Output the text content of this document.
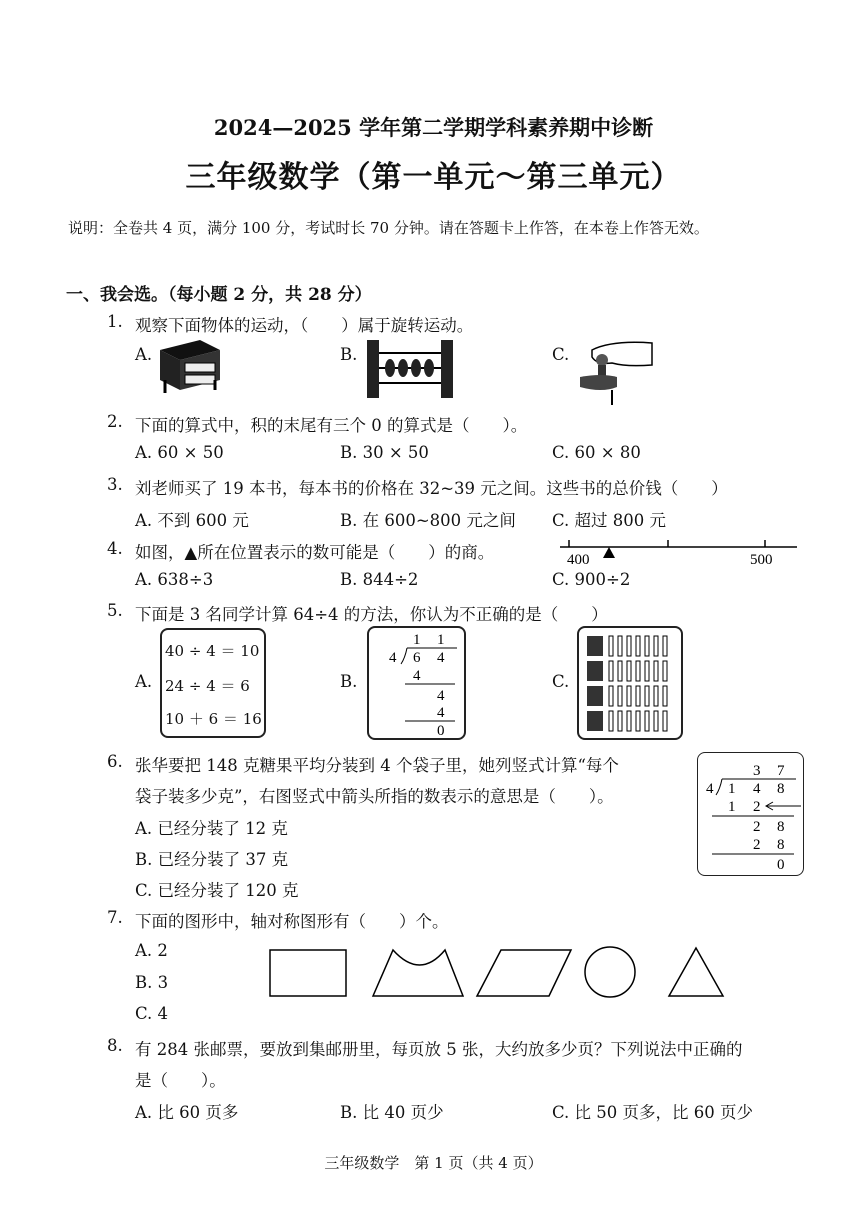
2024—2025 学年第二学期学科素养期中诊断
三年级数学（第一单元～第三单元）
说明：全卷共 4 页，满分 100 分，考试时长 70 分钟。请在答题卡上作答，在本卷上作答无效。
一、我会选。（每小题 2 分，共 28 分）
1. 观察下面物体的运动，（　　）属于旋转运动。
A.	B.	C.
2. 下面的算式中，积的末尾有三个 0 的算式是（　　）。
A. 60 × 50	B. 30 × 50	C. 60 × 80
3. 刘老师买了 19 本书，每本书的价格在 32~39 元之间。这些书的总价钱（　　）
A. 不到 600 元	B. 在 600~800 元之间 C. 超过 800 元
4. 如图，▲所在位置表示的数可能是（　　）的商。	400	500
A. 638÷3	B. 844÷2	C. 900÷2
5. 下面是 3 名同学计算 64÷4 的方法，你认为不正确的是（　　）
A.
40 ÷ 4 ＝ 10
24 ÷ 4 ＝ 6
10 ＋ 6 ＝ 16
B.
1 1
4 6 4
4
4
4
0
C.
6. 张华要把 148 克糖果平均分装到 4 个袋子里，她列竖式计算“每个
袋子装多少克”，右图竖式中箭头所指的数表示的意思是（　　）。
A. 已经分装了 12 克
B. 已经分装了 37 克
C. 已经分装了 120 克
3 7
4 1 4 8
1 2
2 8
2 8
0
7. 下面的图形中，轴对称图形有（　　）个。
A. 2
B. 3
C. 4
8. 有 284 张邮票，要放到集邮册里，每页放 5 张，大约放多少页？下列说法中正确的
是（　　）。
A. 比 60 页多	B. 比 40 页少	C. 比 50 页多，比 60 页少
三年级数学　第 1 页（共 4 页）
